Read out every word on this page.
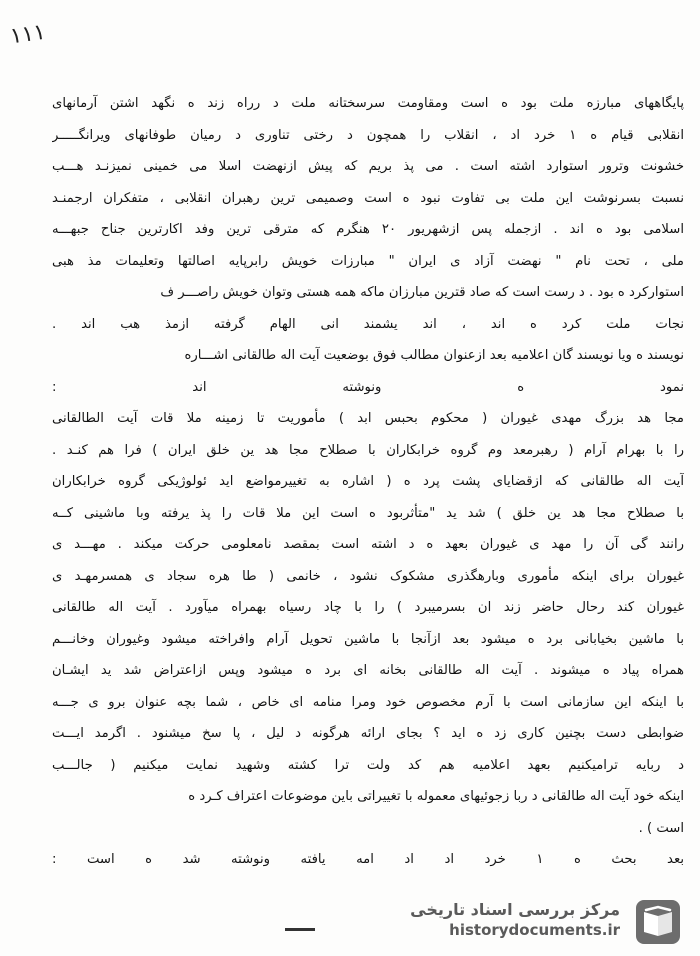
۱۱۱
پایگاههای مبارزه ملت بود ه است ومقاومت سرسختانه ملت د رراه زند ه نگهد اشتن آرمانهای
انقلابی قیام ه ۱ خرد اد ، انقلاب را همچون د رختی تناوری د رمیان طوفانهای ویرانگـــــر
خشونت وترور استوارد اشته است . می پذ بریم که پیش ازنهضت اسلا می خمینی نمیزنـد هـــب
نسبت بسرنوشت این ملت بی تفاوت نبود ه است وصمیمی ترین رهبران انقلابی ، متفکران ارجمنـد
اسلامی بود ه اند . ازجمله پس ازشهریور ۲۰ هنگرم که مترقی ترین وفد اکارترین جناح جبهـــه
ملی ، تحت نام " نهضت آزاد ی ایران " مبارزات خویش رابرپایه اصالتها وتعلیمات مذ هبی
استوارکرد ه بود . د رست است که صاد قترین مبارزان ماکه همه هستی وتوان خویش راصـــر ف
نجات ملت کرد ه اند ، اند یشمند انی الهام گرفته ازمذ هب اند .
نویسند ه ویا نویسند گان اعلامیه بعد ازعنوان مطالب فوق بوضعیت آیت اله طالقانی اشـــاره
نمود ه ونوشته اند :
مجا هد بزرگ مهدی غیوران ( محکوم بحبس ابد ) مأموریت تا زمینه ملا قات آیت الطالقانی
را با بهرام آرام ( رهبرمعد وم گروه خرابکاران با صطلاح مجا هد ین خلق ایران ) فرا هم کنـد .
آیت اله طالقانی که ازقضایای پشت پرد ه ( اشاره به تغییرمواضع اید ئولوژیکی گروه خرابکاران
با صطلاح مجا هد ین خلق ) شد ید "متأثربود ه است این ملا قات را پذ یرفته وبا ماشینی کــه
رانند گی آن را مهد ی غیوران بعهد ه د اشته است بمقصد نامعلومی حرکت میکند . مهـــد ی
غیوران برای اینکه مأموری وبارهگذری مشکوک نشود ، خانمی ( طا هره سجاد ی همسرمهـد ی
غیوران کند رحال حاضر زند ان بسرمیبرد ) را با چاد رسیاه بهمراه میآورد . آیت اله طالقانی
با ماشین بخیابانی برد ه میشود بعد ازآنجا با ماشین تحویل آرام وافراخته میشود وغیوران وخانـــم
همراه پیاد ه میشوند . آیت اله طالقانی بخانه ای برد ه میشود وپس ازاعتراض شد ید ایشـان
با اینکه این سازمانی است با آرم مخصوص خود ومرا منامه ای خاص ، شما بچه عنوان برو ی جـــه
ضوابطی دست بچنین کاری زد ه اید ؟ بجای ارائه هرگونه د لیل ، پا سخ میشنود . اگرمد ایـــت
د ربایه تراميکنیم بعهد اعلامیه هم کد ولت ترا کشته وشهید نمایت میکنیم ( جالـــب
اینکه خود آیت اله طالقانی د ربا زجوئیهای معموله با تغییراتی باین موضوعات اعتراف کـرد ه
است ) .
بعد بحث ه ۱ خرد اد اد امه یافته ونوشته شد ه است :
مرکز بررسی اسناد تاریخی
historydocuments.ir
